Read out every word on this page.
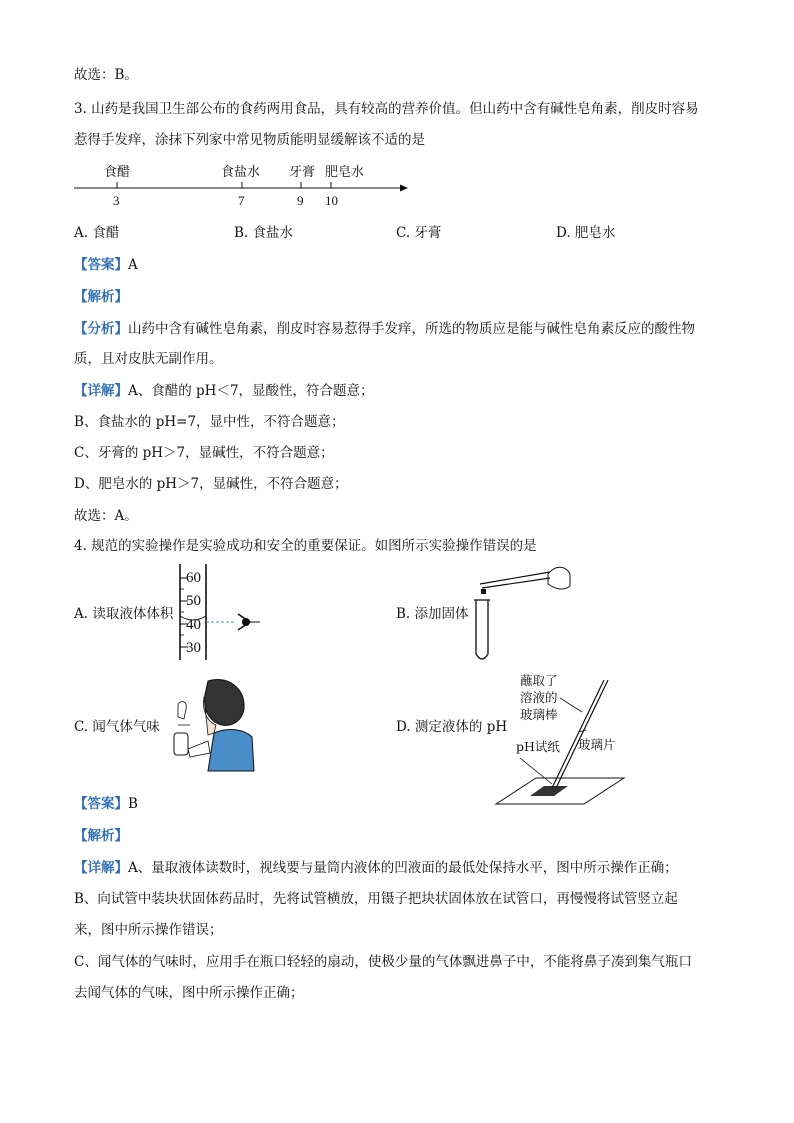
故选：B。
3. 山药是我国卫生部公布的食药两用食品，具有较高的营养价值。但山药中含有碱性皂角素，削皮时容易
惹得手发痒，涂抹下列家中常见物质能明显缓解该不适的是
食醋	食盐水 牙膏 肥皂水
3	7	9 10
A. 食醋	B. 食盐水	C. 牙膏	D. 肥皂水
【答案】A
【解析】
【分析】山药中含有碱性皂角素，削皮时容易惹得手发痒，所选的物质应是能与碱性皂角素反应的酸性物
质，且对皮肤无副作用。
【详解】A、食醋的 pH＜7，显酸性，符合题意；
B、食盐水的 pH=7，显中性，不符合题意；
C、牙膏的 pH＞7，显碱性，不符合题意；
D、肥皂水的 pH＞7，显碱性，不符合题意；
故选：A。
4. 规范的实验操作是实验成功和安全的重要保证。如图所示实验操作错误的是
A. 读取液体体积
60
50
40
30
B. 添加固体
C. 闻气体气味	D. 测定液体的 pH
蘸取了
溶液的
玻璃棒
pH试纸 玻璃片
【答案】B
【解析】
【详解】A、量取液体读数时，视线要与量筒内液体的凹液面的最低处保持水平，图中所示操作正确；
B、向试管中装块状固体药品时，先将试管横放，用镊子把块状固体放在试管口，再慢慢将试管竖立起
来，图中所示操作错误；
C、闻气体的气味时，应用手在瓶口轻轻的扇动，使极少量的气体飘进鼻子中，不能将鼻子凑到集气瓶口
去闻气体的气味，图中所示操作正确；
